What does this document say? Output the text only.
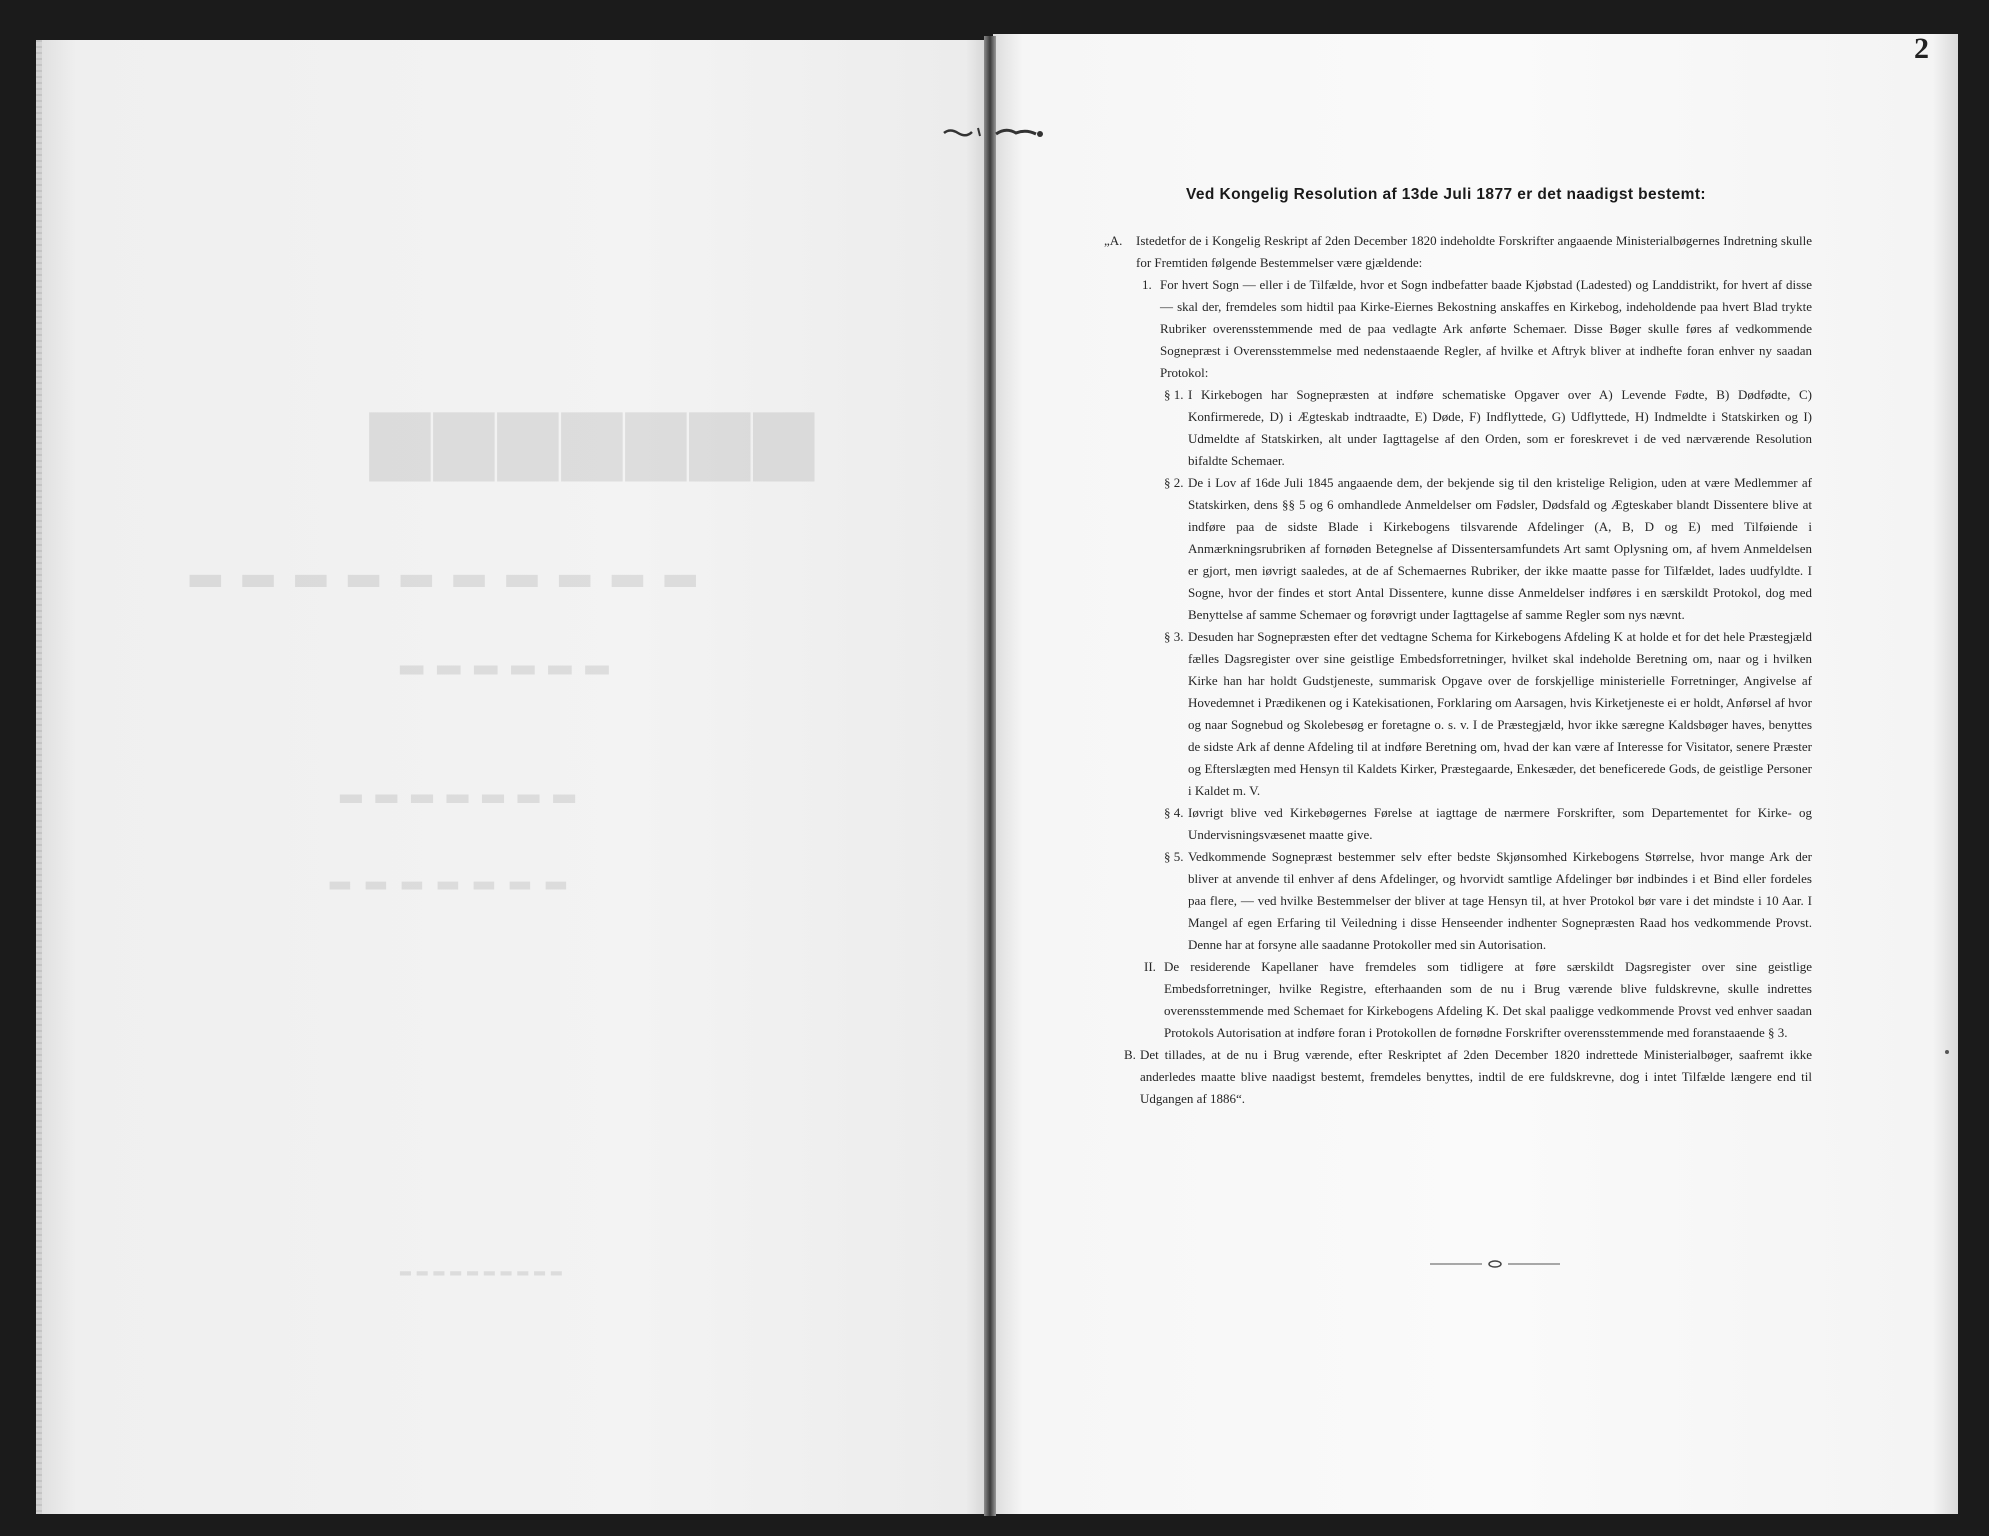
▆▆▆▆▆▆▆
▂▂▂▂▂▂▂▂▂▂
▂▂▂▂▂▂
▂▂▂▂▂▂▂
▂▂▂▂▂▂▂
▂▂▂▂▂▂▂▂▂▂
2
Ved Kongelig Resolution af 13de Juli 1877 er det naadigst bestemt:
„A. Istedetfor de i Kongelig Reskript af 2den December 1820 indeholdte Forskrifter angaaende Ministerialbøgernes Indretning skulle for Fremtiden følgende Bestemmelser være gjældende:
1. For hvert Sogn — eller i de Tilfælde, hvor et Sogn indbefatter baade Kjøbstad (Ladested) og Landdistrikt, for hvert af disse — skal der, fremdeles som hidtil paa Kirke-Eiernes Bekostning anskaffes en Kirkebog, indeholdende paa hvert Blad trykte Rubriker overensstemmende med de paa vedlagte Ark anførte Schemaer. Disse Bøger skulle føres af vedkommende Sognepræst i Overensstemmelse med nedenstaaende Regler, af hvilke et Aftryk bliver at indhefte foran enhver ny saadan Protokol:
§ 1. I Kirkebogen har Sognepræsten at indføre schematiske Opgaver over A) Levende Fødte, B) Dødfødte, C) Konfirmerede, D) i Ægteskab indtraadte, E) Døde, F) Indflyttede, G) Udflyttede, H) Indmeldte i Statskirken og I) Udmeldte af Statskirken, alt under Iagttagelse af den Orden, som er foreskrevet i de ved nærværende Resolution bifaldte Schemaer.
§ 2. De i Lov af 16de Juli 1845 angaaende dem, der bekjende sig til den kristelige Religion, uden at være Medlemmer af Statskirken, dens §§ 5 og 6 omhandlede Anmeldelser om Fødsler, Dødsfald og Ægteskaber blandt Dissentere blive at indføre paa de sidste Blade i Kirkebogens tilsvarende Afdelinger (A, B, D og E) med Tilføiende i Anmærkningsrubriken af fornøden Betegnelse af Dissentersamfundets Art samt Oplysning om, af hvem Anmeldelsen er gjort, men iøvrigt saaledes, at de af Schemaernes Rubriker, der ikke maatte passe for Tilfældet, lades uudfyldte. I Sogne, hvor der findes et stort Antal Dissentere, kunne disse Anmeldelser indføres i en særskildt Protokol, dog med Benyttelse af samme Schemaer og forøvrigt under Iagttagelse af samme Regler som nys nævnt.
§ 3. Desuden har Sognepræsten efter det vedtagne Schema for Kirkebogens Afdeling K at holde et for det hele Præstegjæld fælles Dagsregister over sine geistlige Embedsforretninger, hvilket skal indeholde Beretning om, naar og i hvilken Kirke han har holdt Gudstjeneste, summarisk Opgave over de forskjellige ministerielle Forretninger, Angivelse af Hovedemnet i Prædikenen og i Katekisationen, Forklaring om Aarsagen, hvis Kirketjeneste ei er holdt, Anførsel af hvor og naar Sognebud og Skolebesøg er foretagne o. s. v. I de Præstegjæld, hvor ikke særegne Kaldsbøger haves, benyttes de sidste Ark af denne Afdeling til at indføre Beretning om, hvad der kan være af Interesse for Visitator, senere Præster og Efterslægten med Hensyn til Kaldets Kirker, Præstegaarde, Enkesæder, det beneficerede Gods, de geistlige Personer i Kaldet m. V.
§ 4. Iøvrigt blive ved Kirkebøgernes Førelse at iagttage de nærmere Forskrifter, som Departementet for Kirke- og Undervisningsvæsenet maatte give.
§ 5. Vedkommende Sognepræst bestemmer selv efter bedste Skjønsomhed Kirkebogens Størrelse, hvor mange Ark der bliver at anvende til enhver af dens Afdelinger, og hvorvidt samtlige Afdelinger bør indbindes i et Bind eller fordeles paa flere, — ved hvilke Bestemmelser der bliver at tage Hensyn til, at hver Protokol bør vare i det mindste i 10 Aar. I Mangel af egen Erfaring til Veiledning i disse Henseender indhenter Sognepræsten Raad hos vedkommende Provst. Denne har at forsyne alle saadanne Protokoller med sin Autorisation.
II. De residerende Kapellaner have fremdeles som tidligere at føre særskildt Dagsregister over sine geistlige Embedsforretninger, hvilke Registre, efterhaanden som de nu i Brug værende blive fuldskrevne, skulle indrettes overensstemmende med Schemaet for Kirkebogens Afdeling K. Det skal paaligge vedkommende Provst ved enhver saadan Protokols Autorisation at indføre foran i Protokollen de fornødne Forskrifter overensstemmende med foranstaaende § 3.
B. Det tillades, at de nu i Brug værende, efter Reskriptet af 2den December 1820 indrettede Ministerialbøger, saafremt ikke anderledes maatte blive naadigst bestemt, fremdeles benyttes, indtil de ere fuldskrevne, dog i intet Tilfælde længere end til Udgangen af 1886“.
